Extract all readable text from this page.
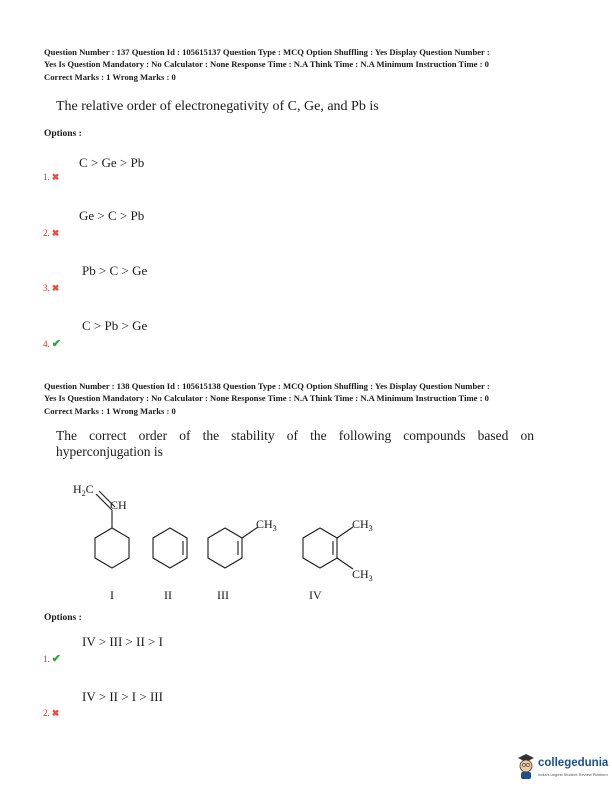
Question Number : 137 Question Id : 105615137 Question Type : MCQ Option Shuffling : Yes Display Question Number :
Yes Is Question Mandatory : No Calculator : None Response Time : N.A Think Time : N.A Minimum Instruction Time : 0
Correct Marks : 1 Wrong Marks : 0
The relative order of electronegativity of C, Ge, and Pb is
Options :
C > Ge > Pb
1. ✖
Ge > C > Pb
2. ✖
Pb > C > Ge
3. ✖
C > Pb > Ge
4. ✔
Question Number : 138 Question Id : 105615138 Question Type : MCQ Option Shuffling : Yes Display Question Number :
Yes Is Question Mandatory : No Calculator : None Response Time : N.A Think Time : N.A Minimum Instruction Time : 0
Correct Marks : 1 Wrong Marks : 0
The correct order of the stability of the following compounds based on
hyperconjugation is
$H_2C$
CH
$CH_3$	$CH_3$
$CH_3$
I	II	III	IV
Options :
IV > III > II > I
1. ✔
IV > II > I > III
2. ✖
collegedunia
India's largest Student Review Platform
